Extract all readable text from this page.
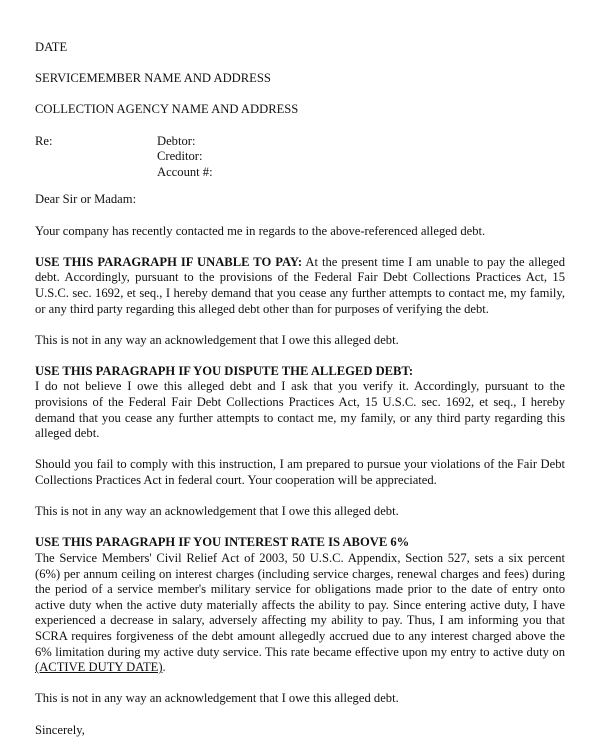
DATE
SERVICEMEMBER NAME AND ADDRESS
COLLECTION AGENCY NAME AND ADDRESS
Re:	Debtor:
Creditor:
Account #:
Dear Sir or Madam:
Your company has recently contacted me in regards to the above-referenced alleged debt.
USE THIS PARAGRAPH IF UNABLE TO PAY: At the present time I am unable to pay the alleged debt. Accordingly, pursuant to the provisions of the Federal Fair Debt Collections Practices Act, 15 U.S.C. sec. 1692, et seq., I hereby demand that you cease any further attempts to contact me, my family, or any third party regarding this alleged debt other than for purposes of verifying the debt.
This is not in any way an acknowledgement that I owe this alleged debt.
USE THIS PARAGRAPH IF YOU DISPUTE THE ALLEGED DEBT:
I do not believe I owe this alleged debt and I ask that you verify it. Accordingly, pursuant to the provisions of the Federal Fair Debt Collections Practices Act, 15 U.S.C. sec. 1692, et seq., I hereby demand that you cease any further attempts to contact me, my family, or any third party regarding this alleged debt.
Should you fail to comply with this instruction, I am prepared to pursue your violations of the Fair Debt Collections Practices Act in federal court. Your cooperation will be appreciated.
This is not in any way an acknowledgement that I owe this alleged debt.
USE THIS PARAGRAPH IF YOU INTEREST RATE IS ABOVE 6%
The Service Members' Civil Relief Act of 2003, 50 U.S.C. Appendix, Section 527, sets a six percent (6%) per annum ceiling on interest charges (including service charges, renewal charges and fees) during the period of a service member's military service for obligations made prior to the date of entry onto active duty when the active duty materially affects the ability to pay. Since entering active duty, I have experienced a decrease in salary, adversely affecting my ability to pay. Thus, I am informing you that SCRA requires forgiveness of the debt amount allegedly accrued due to any interest charged above the 6% limitation during my active duty service. This rate became effective upon my entry to active duty on (ACTIVE DUTY DATE).
This is not in any way an acknowledgement that I owe this alleged debt.
Sincerely,
